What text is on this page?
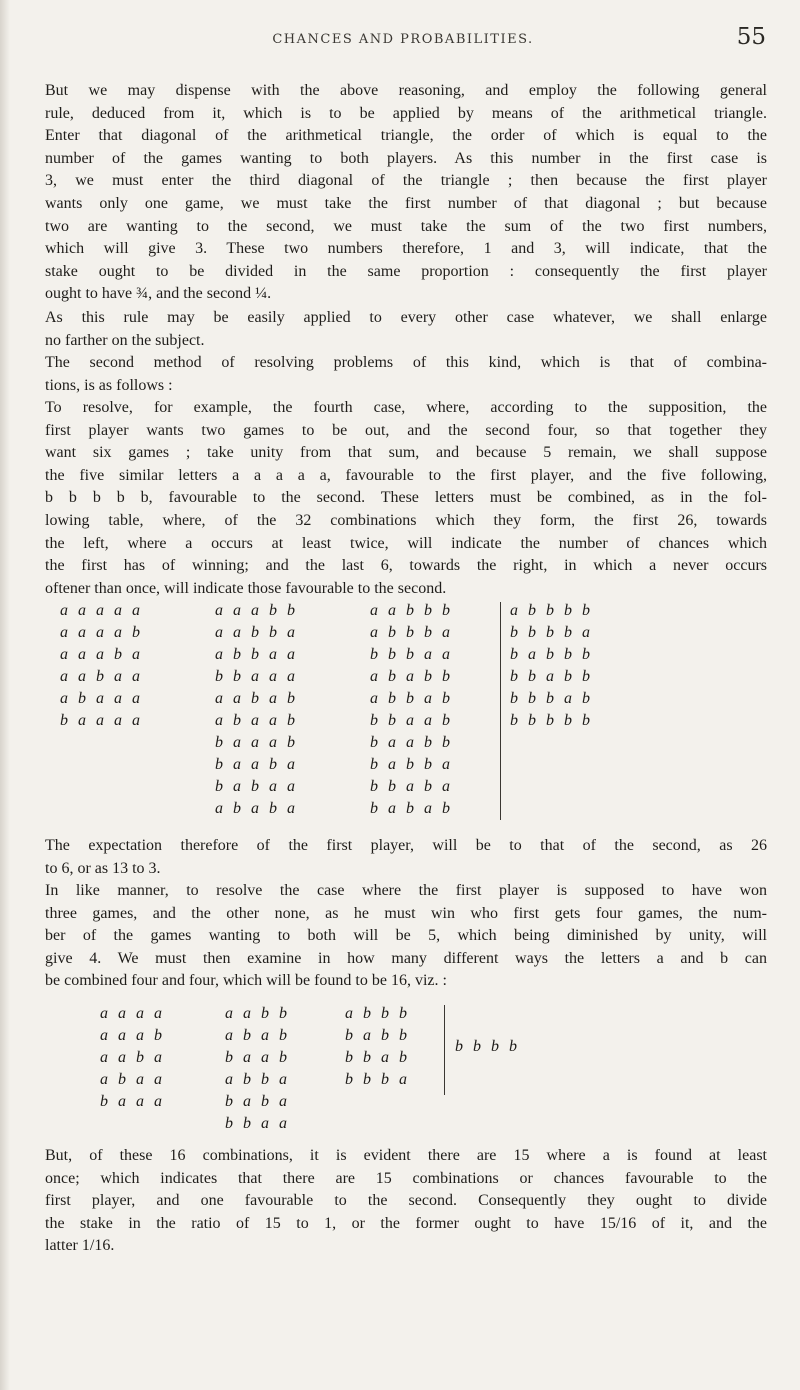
CHANCES AND PROBABILITIES.	55
But we may dispense with the above reasoning, and employ the following general
rule, deduced from it, which is to be applied by means of the arithmetical triangle.
Enter that diagonal of the arithmetical triangle, the order of which is equal to the
number of the games wanting to both players. As this number in the first case is
3, we must enter the third diagonal of the triangle ; then because the first player
wants only one game, we must take the first number of that diagonal ; but because
two are wanting to the second, we must take the sum of the two first numbers,
which will give 3. These two numbers therefore, 1 and 3, will indicate, that the
stake ought to be divided in the same proportion : consequently the first player
ought to have ¾, and the second ¼.
As this rule may be easily applied to every other case whatever, we shall enlarge
no farther on the subject.
The second method of resolving problems of this kind, which is that of combina-
tions, is as follows :
To resolve, for example, the fourth case, where, according to the supposition, the
first player wants two games to be out, and the second four, so that together they
want six games ; take unity from that sum, and because 5 remain, we shall suppose
the five similar letters a a a a a, favourable to the first player, and the five following,
b b b b b, favourable to the second. These letters must be combined, as in the fol-
lowing table, where, of the 32 combinations which they form, the first 26, towards
the left, where a occurs at least twice, will indicate the number of chances which
the first has of winning; and the last 6, towards the right, in which a never occurs
oftener than once, will indicate those favourable to the second.
a a a a a
a a a a b
a a a b a
a a b a a
a b a a a
b a a a a
a a a b b
a a b b a
a b b a a
b b a a a
a a b a b
a b a a b
b a a a b
b a a b a
b a b a a
a b a b a
a a b b b
a b b b a
b b b a a
a b a b b
a b b a b
b b a a b
b a a b b
b a b b a
b b a b a
b a b a b
a b b b b
b b b b a
b a b b b
b b a b b
b b b a b
b b b b b
The expectation therefore of the first player, will be to that of the second, as 26
to 6, or as 13 to 3.
In like manner, to resolve the case where the first player is supposed to have won
three games, and the other none, as he must win who first gets four games, the num-
ber of the games wanting to both will be 5, which being diminished by unity, will
give 4. We must then examine in how many different ways the letters a and b can
be combined four and four, which will be found to be 16, viz. :
a a a a
a a a b
a a b a
a b a a
b a a a
a a b b
a b a b
b a a b
a b b a
b a b a
b b a a
a b b b
b a b b
b b a b
b b b a
b b b b
But, of these 16 combinations, it is evident there are 15 where a is found at least
once; which indicates that there are 15 combinations or chances favourable to the
first player, and one favourable to the second. Consequently they ought to divide
the stake in the ratio of 15 to 1, or the former ought to have 15/16 of it, and the
latter 1/16.
